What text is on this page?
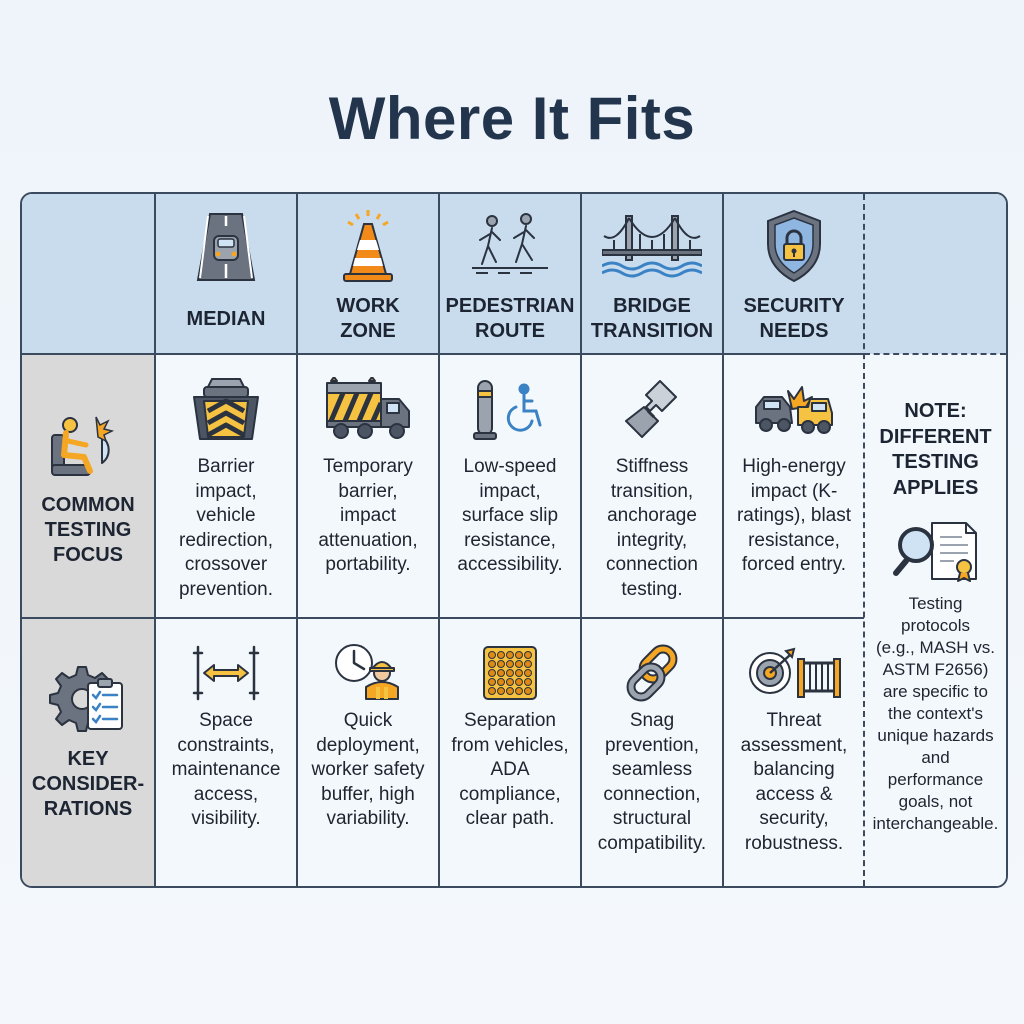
Where It Fits
MEDIAN
WORK
ZONE
PEDESTRIAN
ROUTE
BRIDGE
TRANSITION
SECURITY
NEEDS
COMMON
TESTING
FOCUS
Barrier
impact,
vehicle
redirection,
crossover
prevention.
Temporary
barrier,
impact
attenuation,
portability.
Low-speed
impact,
surface slip
resistance,
accessibility.
Stiffness
transition,
anchorage
integrity,
connection
testing.
High-energy
impact (K-
ratings), blast
resistance,
forced entry.
KEY
CONSIDER-
RATIONS
Space
constraints,
maintenance
access,
visibility.
Quick
deployment,
worker safety
buffer, high
variability.
Separation
from vehicles,
ADA
compliance,
clear path.
Snag
prevention,
seamless
connection,
structural
compatibility.
Threat
assessment,
balancing
access &
security,
robustness.
NOTE:
DIFFERENT
TESTING
APPLIES
Testing
protocols
(e.g., MASH vs.
ASTM F2656)
are specific to
the context's
unique hazards
and
performance
goals, not
interchangeable.
